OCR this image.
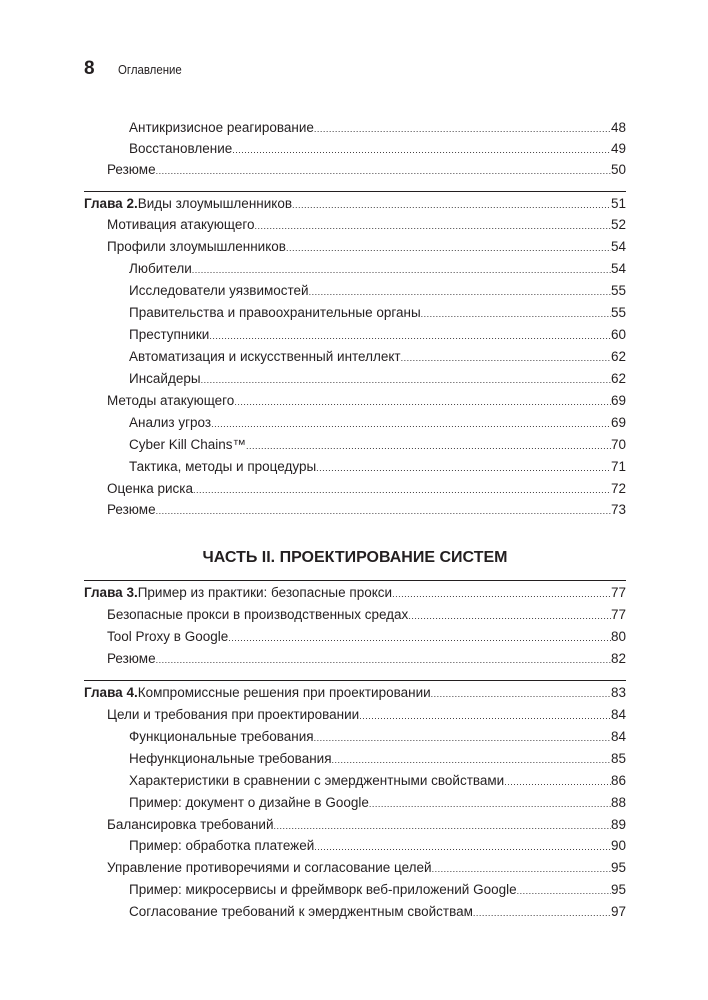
8 Оглавление
Антикризисное реагирование .....	48
Восстановление .....	49
Резюме .....	50
Глава 2. Виды злоумышленников .....	51
Мотивация атакующего .....	52
Профили злоумышленников .....	54
Любители .....	54
Исследователи уязвимостей .....	55
Правительства и правоохранительные органы .....	55
Преступники .....	60
Автоматизация и искусственный интеллект .....	62
Инсайдеры .....	62
Методы атакующего .....	69
Анализ угроз .....	69
Cyber Kill Chains™ .....	70
Тактика, методы и процедуры .....	71
Оценка риска .....	72
Резюме .....	73
ЧАСТЬ II. ПРОЕКТИРОВАНИЕ СИСТЕМ
Глава 3. Пример из практики: безопасные прокси .....	77
Безопасные прокси в производственных средах .....	77
Tool Proxy в Google .....	80
Резюме .....	82
Глава 4. Компромиссные решения при проектировании .....	83
Цели и требования при проектировании .....	84
Функциональные требования .....	84
Нефункциональные требования .....	85
Характеристики в сравнении с эмерджентными свойствами .....	86
Пример: документ о дизайне в Google .....	88
Балансировка требований .....	89
Пример: обработка платежей .....	90
Управление противоречиями и согласование целей .....	95
Пример: микросервисы и фреймворк веб-приложений Google .....	95
Согласование требований к эмерджентным свойствам .....	97
